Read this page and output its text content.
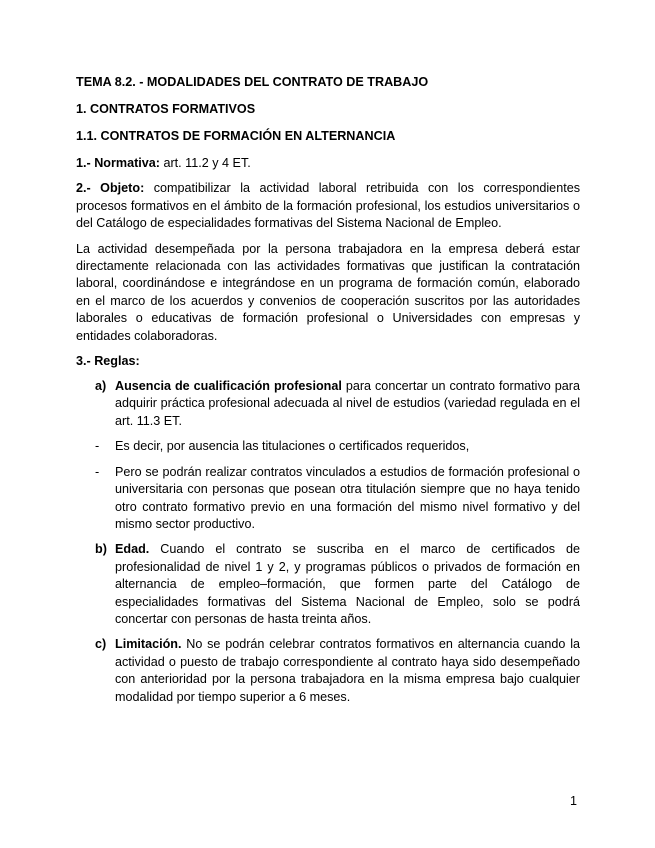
TEMA 8.2. - MODALIDADES DEL CONTRATO DE TRABAJO
1. CONTRATOS FORMATIVOS
1.1. CONTRATOS DE FORMACIÓN EN ALTERNANCIA
1.- Normativa: art. 11.2 y 4 ET.
2.- Objeto: compatibilizar la actividad laboral retribuida con los correspondientes procesos formativos en el ámbito de la formación profesional, los estudios universitarios o del Catálogo de especialidades formativas del Sistema Nacional de Empleo.
La actividad desempeñada por la persona trabajadora en la empresa deberá estar directamente relacionada con las actividades formativas que justifican la contratación laboral, coordinándose e integrándose en un programa de formación común, elaborado en el marco de los acuerdos y convenios de cooperación suscritos por las autoridades laborales o educativas de formación profesional o Universidades con empresas y entidades colaboradoras.
3.- Reglas:
a) Ausencia de cualificación profesional para concertar un contrato formativo para adquirir práctica profesional adecuada al nivel de estudios (variedad regulada en el art. 11.3 ET.
- Es decir, por ausencia las titulaciones o certificados requeridos,
- Pero se podrán realizar contratos vinculados a estudios de formación profesional o universitaria con personas que posean otra titulación siempre que no haya tenido otro contrato formativo previo en una formación del mismo nivel formativo y del mismo sector productivo.
b) Edad. Cuando el contrato se suscriba en el marco de certificados de profesionalidad de nivel 1 y 2, y programas públicos o privados de formación en alternancia de empleo–formación, que formen parte del Catálogo de especialidades formativas del Sistema Nacional de Empleo, solo se podrá concertar con personas de hasta treinta años.
c) Limitación. No se podrán celebrar contratos formativos en alternancia cuando la actividad o puesto de trabajo correspondiente al contrato haya sido desempeñado con anterioridad por la persona trabajadora en la misma empresa bajo cualquier modalidad por tiempo superior a 6 meses.
1
